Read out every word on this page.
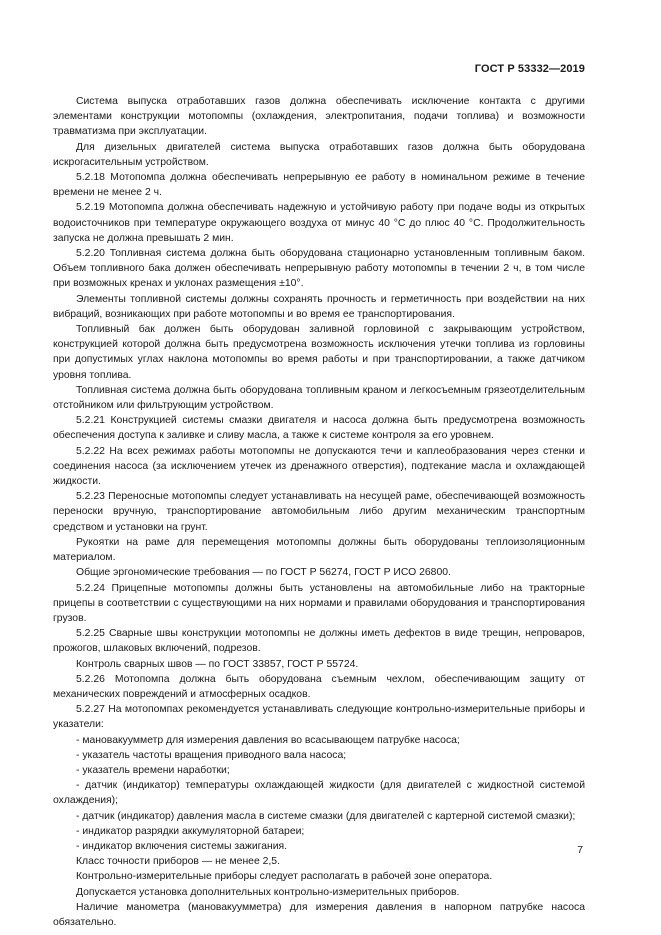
ГОСТ Р 53332—2019

Система выпуска отработавших газов должна обеспечивать исключение контакта с другими элементами конструкции мотопомпы (охлаждения, электропитания, подачи топлива) и возможности травматизма при эксплуатации.

Для дизельных двигателей система выпуска отработавших газов должна быть оборудована искрогасительным устройством.

5.2.18 Мотопомпа должна обеспечивать непрерывную ее работу в номинальном режиме в течение времени не менее 2 ч.

5.2.19 Мотопомпа должна обеспечивать надежную и устойчивую работу при подаче воды из открытых водоисточников при температуре окружающего воздуха от минус 40 °С до плюс 40 °С. Продолжительность запуска не должна превышать 2 мин.

5.2.20 Топливная система должна быть оборудована стационарно установленным топливным баком. Объем топливного бака должен обеспечивать непрерывную работу мотопомпы в течении 2 ч, в том числе при возможных кренах и уклонах размещения ±10°.

Элементы топливной системы должны сохранять прочность и герметичность при воздействии на них вибраций, возникающих при работе мотопомпы и во время ее транспортирования.

Топливный бак должен быть оборудован заливной горловиной с закрывающим устройством, конструкцией которой должна быть предусмотрена возможность исключения утечки топлива из горловины при допустимых углах наклона мотопомпы во время работы и при транспортировании, а также датчиком уровня топлива.

Топливная система должна быть оборудована топливным краном и легкосъемным грязеотделительным отстойником или фильтрующим устройством.

5.2.21 Конструкцией системы смазки двигателя и насоса должна быть предусмотрена возможность обеспечения доступа к заливке и сливу масла, а также к системе контроля за его уровнем.

5.2.22 На всех режимах работы мотопомпы не допускаются течи и каплеобразования через стенки и соединения насоса (за исключением утечек из дренажного отверстия), подтекание масла и охлаждающей жидкости.

5.2.23 Переносные мотопомпы следует устанавливать на несущей раме, обеспечивающей возможность переноски вручную, транспортирование автомобильным либо другим механическим транспортным средством и установки на грунт.

Рукоятки на раме для перемещения мотопомпы должны быть оборудованы теплоизоляционным материалом.

Общие эргономические требования — по ГОСТ Р 56274, ГОСТ Р ИСО 26800.

5.2.24 Прицепные мотопомпы должны быть установлены на автомобильные либо на тракторные прицепы в соответствии с существующими на них нормами и правилами оборудования и транспортирования грузов.

5.2.25 Сварные швы конструкции мотопомпы не должны иметь дефектов в виде трещин, непроваров, прожогов, шлаковых включений, подрезов.

Контроль сварных швов — по ГОСТ 33857, ГОСТ Р 55724.

5.2.26 Мотопомпа должна быть оборудована съемным чехлом, обеспечивающим защиту от механических повреждений и атмосферных осадков.

5.2.27 На мотопомпах рекомендуется устанавливать следующие контрольно-измерительные приборы и указатели:

- мановакуумметр для измерения давления во всасывающем патрубке насоса;

- указатель частоты вращения приводного вала насоса;

- указатель времени наработки;

- датчик (индикатор) температуры охлаждающей жидкости (для двигателей с жидкостной системой охлаждения);

- датчик (индикатор) давления масла в системе смазки (для двигателей с картерной системой смазки);

- индикатор разрядки аккумуляторной батареи;

- индикатор включения системы зажигания.

Класс точности приборов — не менее 2,5.

Контрольно-измерительные приборы следует располагать в рабочей зоне оператора.

Допускается установка дополнительных контрольно-измерительных приборов.

Наличие манометра (мановакуумметра) для измерения давления в напорном патрубке насоса обязательно.

7
